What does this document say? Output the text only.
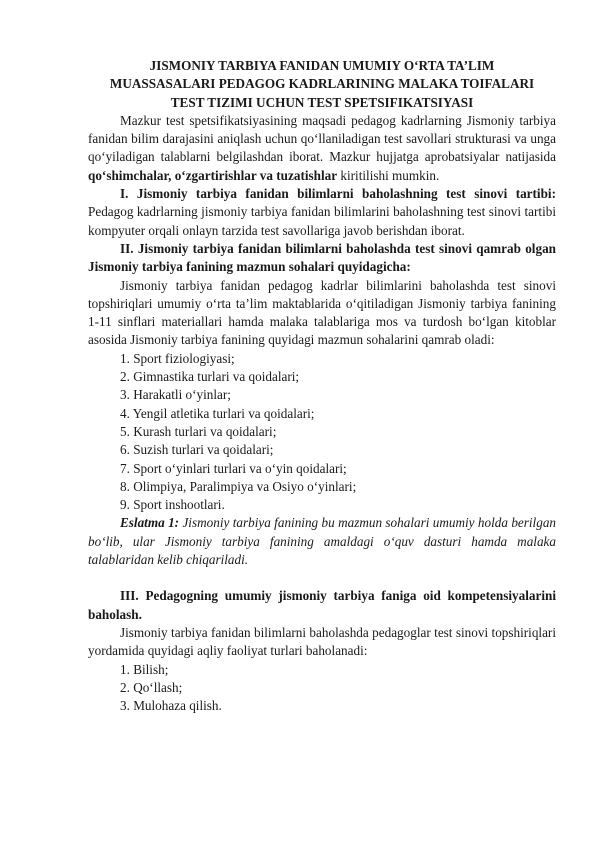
JISMONIY TARBIYA FANIDAN UMUMIY O‘RTA TA’LIM
MUASSASALARI PEDAGOG KADRLARINING MALAKA TOIFALARI
TEST TIZIMI UCHUN TEST SPETSIFIKATSIYASI

Mazkur test spetsifikatsiyasining maqsadi pedagog kadrlarning Jismoniy tarbiya fanidan bilim darajasini aniqlash uchun qo‘llaniladigan test savollari strukturasi va unga qo‘yiladigan talablarni belgilashdan iborat. Mazkur hujjatga aprobatsiyalar natijasida qo‘shimchalar, o‘zgartirishlar va tuzatishlar kiritilishi mumkin.

I. Jismoniy tarbiya fanidan bilimlarni baholashning test sinovi tartibi: Pedagog kadrlarning jismoniy tarbiya fanidan bilimlarini baholashning test sinovi tartibi kompyuter orqali onlayn tarzida test savollariga javob berishdan iborat.

II. Jismoniy tarbiya fanidan bilimlarni baholashda test sinovi qamrab olgan Jismoniy tarbiya fanining mazmun sohalari quyidagicha:

Jismoniy tarbiya fanidan pedagog kadrlar bilimlarini baholashda test sinovi topshiriqlari umumiy o‘rta ta’lim maktablarida o‘qitiladigan Jismoniy tarbiya fanining 1-11 sinflari materiallari hamda malaka talablariga mos va turdosh bo‘lgan kitoblar asosida Jismoniy tarbiya fanining quyidagi mazmun sohalarini qamrab oladi:

1. Sport fiziologiyasi;
2. Gimnastika turlari va qoidalari;
3. Harakatli o‘yinlar;
4. Yengil atletika turlari va qoidalari;
5. Kurash turlari va qoidalari;
6. Suzish turlari va qoidalari;
7. Sport o‘yinlari turlari va o‘yin qoidalari;
8. Olimpiya, Paralimpiya va Osiyo o‘yinlari;
9. Sport inshootlari.

Eslatma 1: Jismoniy tarbiya fanining bu mazmun sohalari umumiy holda berilgan bo‘lib, ular Jismoniy tarbiya fanining amaldagi o‘quv dasturi hamda malaka talablaridan kelib chiqariladi.

III. Pedagogning umumiy jismoniy tarbiya faniga oid kompetensiyalarini baholash.

Jismoniy tarbiya fanidan bilimlarni baholashda pedagoglar test sinovi topshiriqlari yordamida quyidagi aqliy faoliyat turlari baholanadi:

1. Bilish;
2. Qo‘llash;
3. Mulohaza qilish.
